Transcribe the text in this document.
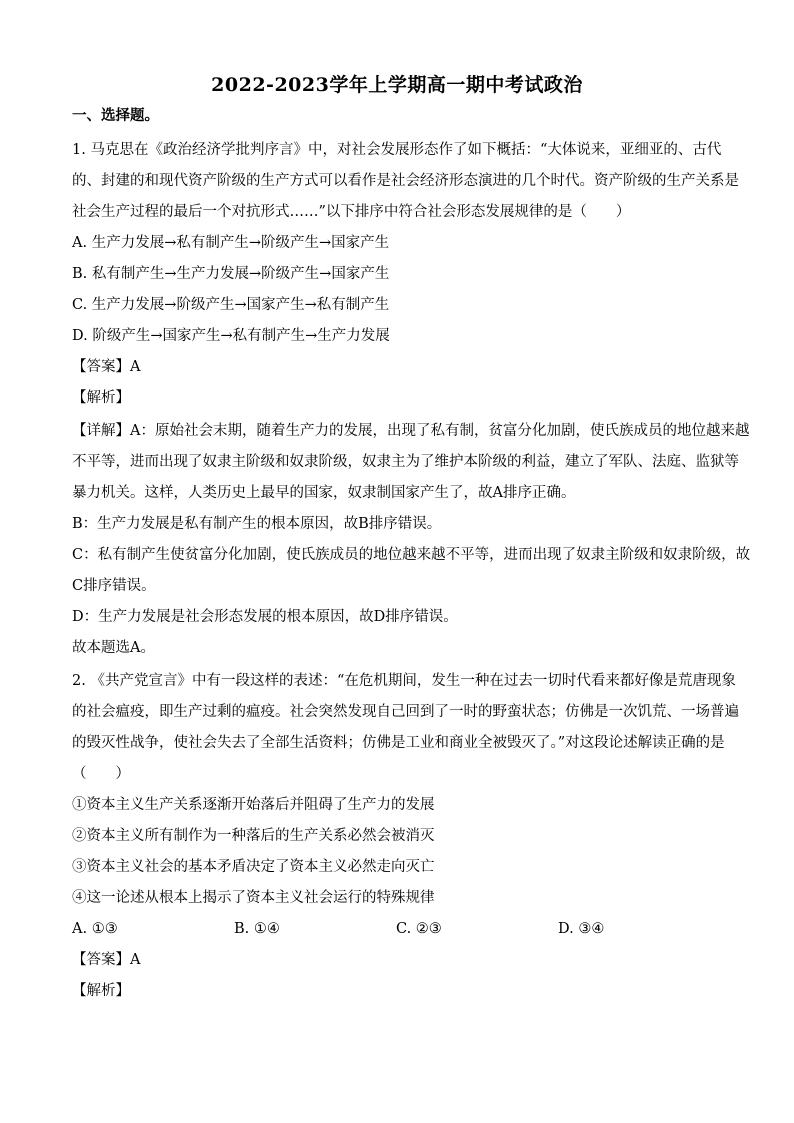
2022-2023学年上学期高一期中考试政治
一、选择题。
1. 马克思在《政治经济学批判序言》中，对社会发展形态作了如下概括：“大体说来，亚细亚的、古代
的、封建的和现代资产阶级的生产方式可以看作是社会经济形态演进的几个时代。资产阶级的生产关系是
社会生产过程的最后一个对抗形式……”以下排序中符合社会形态发展规律的是（　　）
A. 生产力发展→私有制产生→阶级产生→国家产生
B. 私有制产生→生产力发展→阶级产生→国家产生
C. 生产力发展→阶级产生→国家产生→私有制产生
D. 阶级产生→国家产生→私有制产生→生产力发展
【答案】A
【解析】
【详解】A：原始社会末期，随着生产力的发展，出现了私有制，贫富分化加剧，使氏族成员的地位越来越
不平等，进而出现了奴隶主阶级和奴隶阶级，奴隶主为了维护本阶级的利益，建立了军队、法庭、监狱等
暴力机关。这样，人类历史上最早的国家，奴隶制国家产生了，故A排序正确。
B：生产力发展是私有制产生的根本原因，故B排序错误。
C：私有制产生使贫富分化加剧，使氏族成员的地位越来越不平等，进而出现了奴隶主阶级和奴隶阶级，故
C排序错误。
D：生产力发展是社会形态发展的根本原因，故D排序错误。
故本题选A。
2. 《共产党宣言》中有一段这样的表述：“在危机期间，发生一种在过去一切时代看来都好像是荒唐现象
的社会瘟疫，即生产过剩的瘟疫。社会突然发现自己回到了一时的野蛮状态；仿佛是一次饥荒、一场普遍
的毁灭性战争，使社会失去了全部生活资料；仿佛是工业和商业全被毁灭了。”对这段论述解读正确的是
（　　）
①资本主义生产关系逐渐开始落后并阻碍了生产力的发展
②资本主义所有制作为一种落后的生产关系必然会被消灭
③资本主义社会的基本矛盾决定了资本主义必然走向灭亡
④这一论述从根本上揭示了资本主义社会运行的特殊规律
A. ①③	B. ①④	C. ②③	D. ③④
【答案】A
【解析】
